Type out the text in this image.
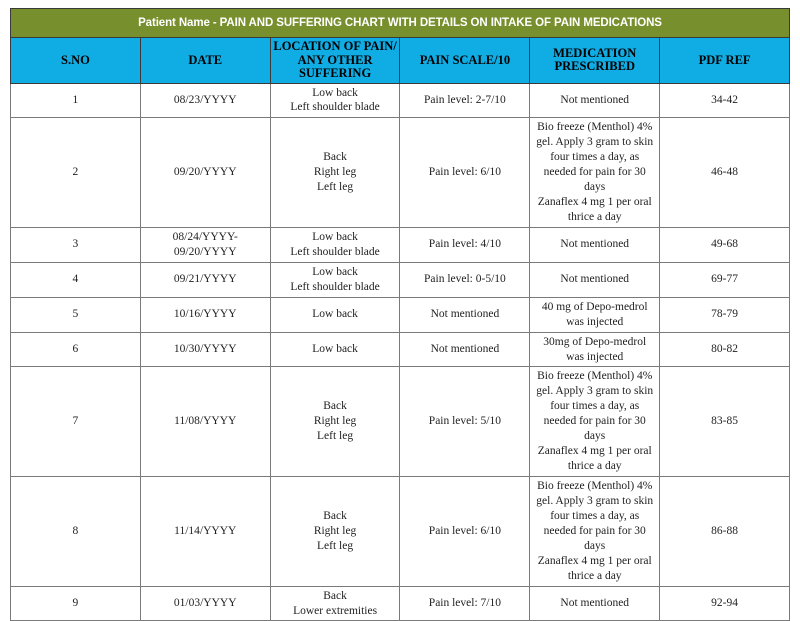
Patient Name - PAIN AND SUFFERING CHART WITH DETAILS ON INTAKE OF PAIN MEDICATIONS					
S.NO	DATE	LOCATION OF PAIN/ ANY OTHER SUFFERING	PAIN SCALE/10	MEDICATION PRESCRIBED	PDF REF
1	08/23/YYYY	Low back
Left shoulder blade	Pain level: 2-7/10	Not mentioned	34-42

2	09/20/YYYY	Back
Right leg
Left leg	Pain level: 6/10	Bio freeze (Menthol) 4% gel. Apply 3 gram to skin four times a day, as needed for pain for 30 days
Zanaflex 4 mg 1 per oral thrice a day	46-48

3	08/24/YYYY-
09/20/YYYY	Low back
Left shoulder blade	Pain level: 4/10	Not mentioned	49-68

4	09/21/YYYY	Low back
Left shoulder blade	Pain level: 0-5/10	Not mentioned	69-77

5	10/16/YYYY	Low back	Not mentioned	40 mg of Depo-medrol was injected	78-79

6	10/30/YYYY	Low back	Not mentioned	30mg of Depo-medrol was injected	80-82

7	11/08/YYYY	Back
Right leg
Left leg	Pain level: 5/10	Bio freeze (Menthol) 4% gel. Apply 3 gram to skin four times a day, as needed for pain for 30 days
Zanaflex 4 mg 1 per oral thrice a day	83-85

8	11/14/YYYY	Back
Right leg
Left leg	Pain level: 6/10	Bio freeze (Menthol) 4% gel. Apply 3 gram to skin four times a day, as needed for pain for 30 days
Zanaflex 4 mg 1 per oral thrice a day	86-88

9	01/03/YYYY	Back
Lower extremities	Pain level: 7/10	Not mentioned	92-94
